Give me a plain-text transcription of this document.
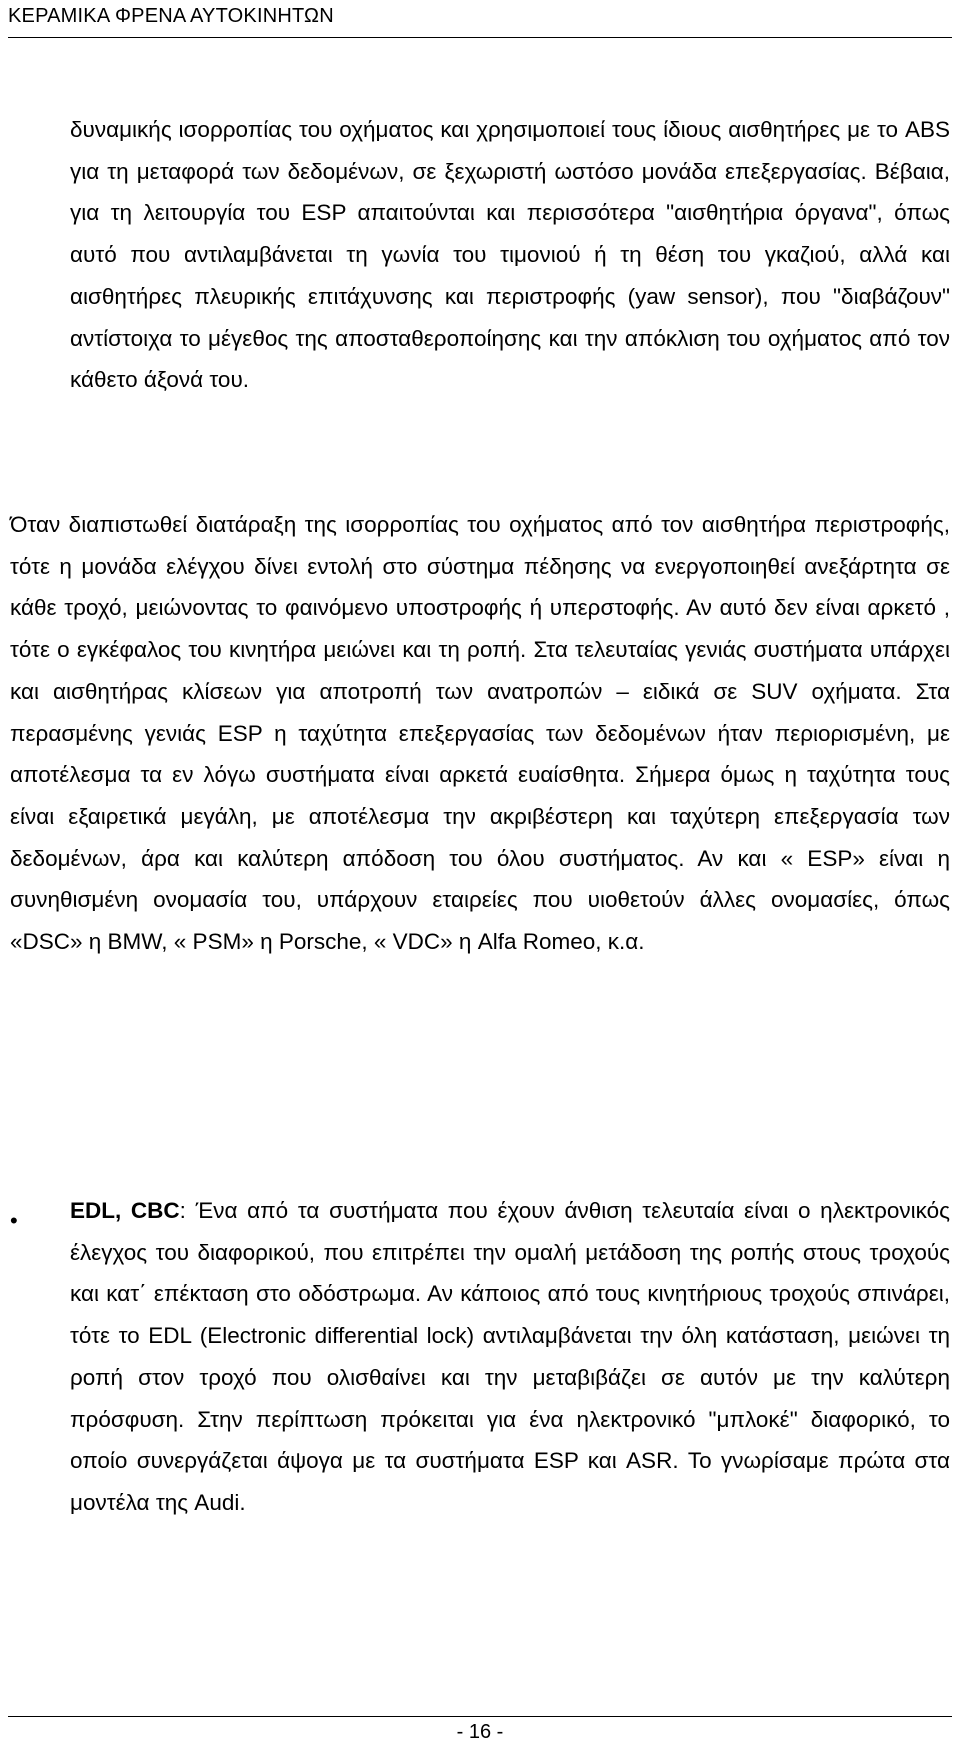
ΚΕΡΑΜΙΚΑ ΦΡΕΝΑ ΑΥΤΟΚΙΝΗΤΩΝ
δυναμικής ισορροπίας του οχήματος και χρησιμοποιεί τους ίδιους αισθητήρες με το ABS για τη μεταφορά των δεδομένων, σε ξεχωριστή ωστόσο μονάδα επεξεργασίας. Βέβαια, για τη λειτουργία του ESP απαιτούνται και περισσότερα "αισθητήρια όργανα", όπως αυτό που αντιλαμβάνεται τη γωνία του τιμονιού ή τη θέση του γκαζιού, αλλά και αισθητήρες πλευρικής επιτάχυνσης και περιστροφής (yaw sensor), που "διαβάζουν" αντίστοιχα το μέγεθος της αποσταθεροποίησης και την απόκλιση του οχήματος από τον κάθετο άξονά του.
Όταν διαπιστωθεί διατάραξη της ισορροπίας του οχήματος από τον αισθητήρα περιστροφής, τότε η μονάδα ελέγχου δίνει εντολή στο σύστημα πέδησης να ενεργοποιηθεί ανεξάρτητα σε κάθε τροχό, μειώνοντας το φαινόμενο υποστροφής ή υπερστοφής. Αν αυτό δεν είναι αρκετό , τότε ο εγκέφαλος του κινητήρα μειώνει και τη ροπή. Στα τελευταίας γενιάς συστήματα υπάρχει και αισθητήρας κλίσεων για αποτροπή των ανατροπών – ειδικά σε SUV οχήματα. Στα περασμένης γενιάς ESP η ταχύτητα επεξεργασίας των δεδομένων ήταν περιορισμένη, με αποτέλεσμα τα εν λόγω συστήματα είναι αρκετά ευαίσθητα. Σήμερα όμως η ταχύτητα τους είναι εξαιρετικά μεγάλη, με αποτέλεσμα την ακριβέστερη και ταχύτερη επεξεργασία των δεδομένων, άρα και καλύτερη απόδοση του όλου συστήματος. Αν και « ESP» είναι η συνηθισμένη ονομασία του, υπάρχουν εταιρείες που υιοθετούν άλλες ονομασίες, όπως «DSC» η BMW, « PSM» η Porsche, « VDC» η Alfa Romeo, κ.α.
• EDL, CBC: Ένα από τα συστήματα που έχουν άνθιση τελευταία είναι ο ηλεκτρονικός έλεγχος του διαφορικού, που επιτρέπει την ομαλή μετάδοση της ροπής στους τροχούς και κατ΄ επέκταση στο οδόστρωμα. Αν κάποιος από τους κινητήριους τροχούς σπινάρει, τότε το EDL (Electronic differential lock) αντιλαμβάνεται την όλη κατάσταση, μειώνει τη ροπή στον τροχό που ολισθαίνει και την μεταβιβάζει σε αυτόν με την καλύτερη πρόσφυση. Στην περίπτωση πρόκειται για ένα ηλεκτρονικό "μπλοκέ" διαφορικό, το οποίο συνεργάζεται άψογα με τα συστήματα ESP και ASR. Το γνωρίσαμε πρώτα στα μοντέλα της Audi.
- 16 -
